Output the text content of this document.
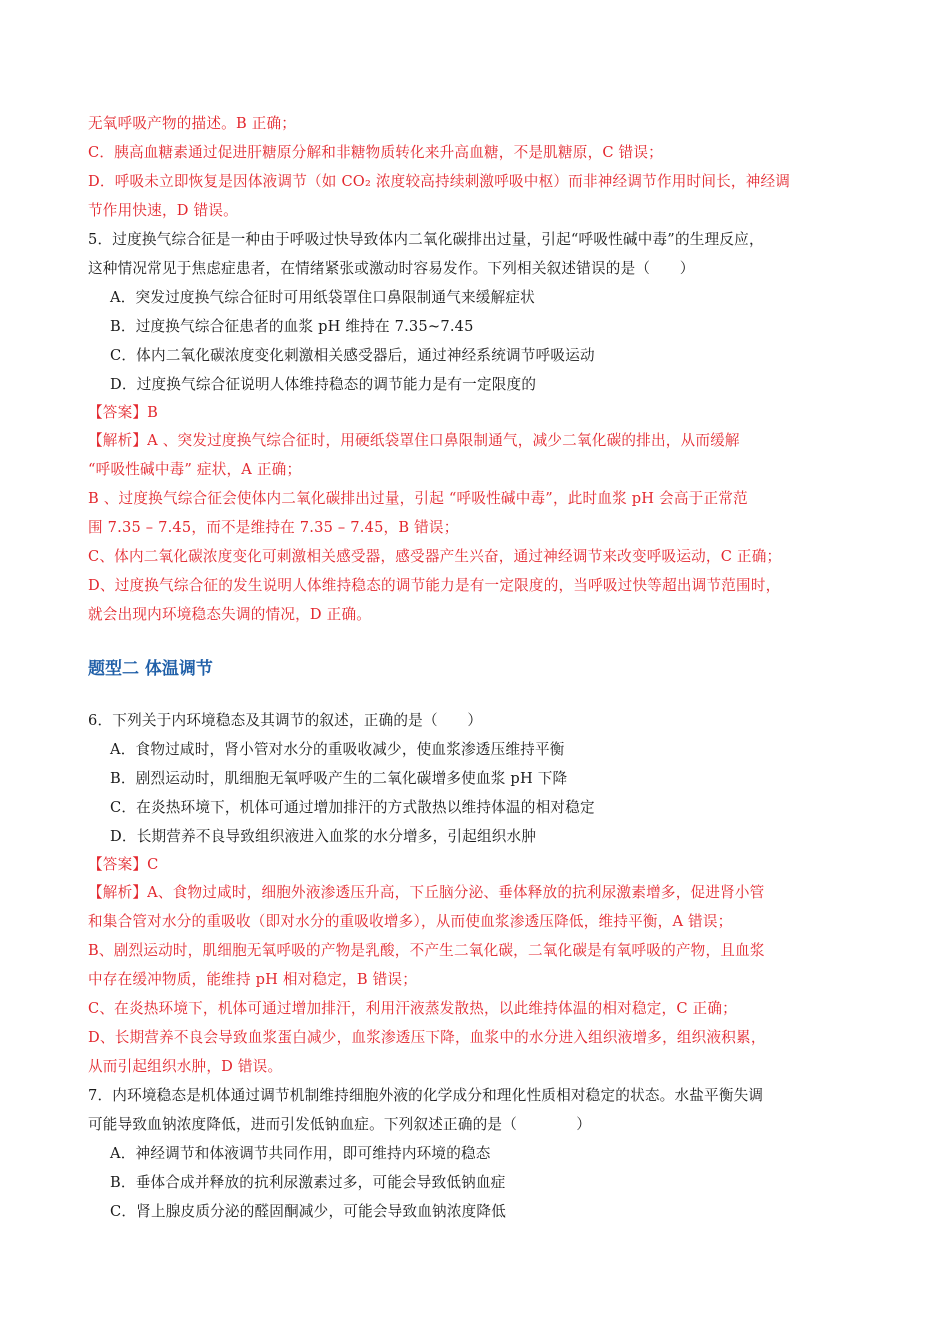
无氧呼吸产物的描述。B 正确；
C．胰高血糖素通过促进肝糖原分解和非糖物质转化来升高血糖，不是肌糖原，C 错误；
D．呼吸未立即恢复是因体液调节（如 CO₂ 浓度较高持续刺激呼吸中枢）而非神经调节作用时间长，神经调
节作用快速，D 错误。
5．过度换气综合征是一种由于呼吸过快导致体内二氧化碳排出过量，引起“呼吸性碱中毒”的生理反应，
这种情况常见于焦虑症患者，在情绪紧张或激动时容易发作。下列相关叙述错误的是（　　）
A．突发过度换气综合征时可用纸袋罩住口鼻限制通气来缓解症状
B．过度换气综合征患者的血浆 pH 维持在 7.35~7.45
C．体内二氧化碳浓度变化刺激相关感受器后，通过神经系统调节呼吸运动
D．过度换气综合征说明人体维持稳态的调节能力是有一定限度的
【答案】B
【解析】A 、突发过度换气综合征时，用硬纸袋罩住口鼻限制通气，减少二氧化碳的排出，从而缓解
“呼吸性碱中毒” 症状，A 正确；
B 、过度换气综合征会使体内二氧化碳排出过量，引起 “呼吸性碱中毒”，此时血浆 pH 会高于正常范
围 7.35 – 7.45，而不是维持在 7.35 – 7.45，B 错误；
C、体内二氧化碳浓度变化可刺激相关感受器，感受器产生兴奋，通过神经调节来改变呼吸运动，C 正确；
D、过度换气综合征的发生说明人体维持稳态的调节能力是有一定限度的，当呼吸过快等超出调节范围时，
就会出现内环境稳态失调的情况，D 正确。
题型二 体温调节
6．下列关于内环境稳态及其调节的叙述，正确的是（　　）
A．食物过咸时，肾小管对水分的重吸收减少，使血浆渗透压维持平衡
B．剧烈运动时，肌细胞无氧呼吸产生的二氧化碳增多使血浆 pH 下降
C．在炎热环境下，机体可通过增加排汗的方式散热以维持体温的相对稳定
D．长期营养不良导致组织液进入血浆的水分增多，引起组织水肿
【答案】C
【解析】A、食物过咸时，细胞外液渗透压升高，下丘脑分泌、垂体释放的抗利尿激素增多，促进肾小管
和集合管对水分的重吸收（即对水分的重吸收增多），从而使血浆渗透压降低，维持平衡，A 错误；
B、剧烈运动时，肌细胞无氧呼吸的产物是乳酸，不产生二氧化碳，二氧化碳是有氧呼吸的产物，且血浆
中存在缓冲物质，能维持 pH 相对稳定，B 错误；
C、在炎热环境下，机体可通过增加排汗，利用汗液蒸发散热，以此维持体温的相对稳定，C 正确；
D、长期营养不良会导致血浆蛋白减少，血浆渗透压下降，血浆中的水分进入组织液增多，组织液积累，
从而引起组织水肿，D 错误。
7．内环境稳态是机体通过调节机制维持细胞外液的化学成分和理化性质相对稳定的状态。水盐平衡失调
可能导致血钠浓度降低，进而引发低钠血症。下列叙述正确的是（　　　　）
A．神经调节和体液调节共同作用，即可维持内环境的稳态
B．垂体合成并释放的抗利尿激素过多，可能会导致低钠血症
C．肾上腺皮质分泌的醛固酮减少，可能会导致血钠浓度降低
